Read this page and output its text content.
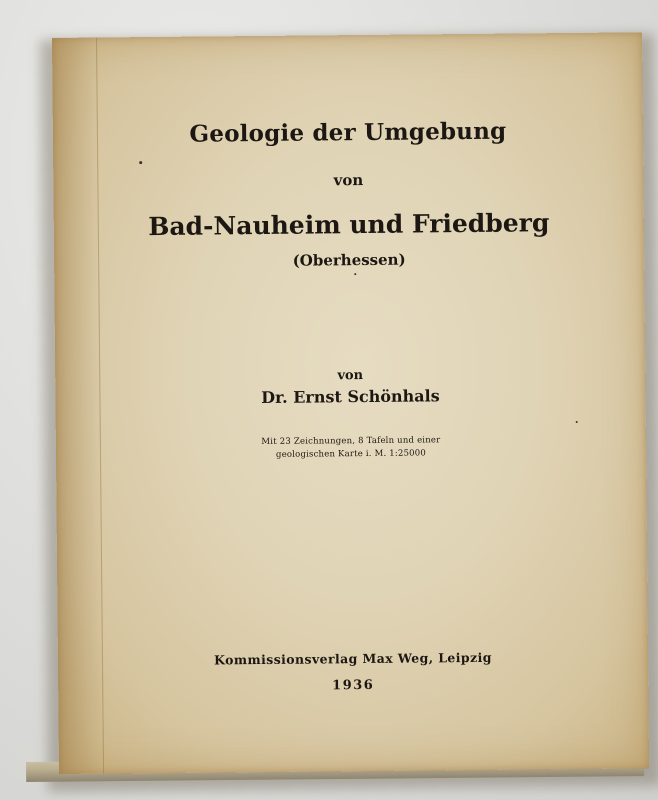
Geologie der Umgebung
von
Bad-Nauheim und Friedberg
(Oberhessen)
von
Dr. Ernst Schönhals
Mit 23 Zeichnungen, 8 Tafeln und einer
geologischen Karte i. M. 1:25000
Kommissionsverlag Max Weg, Leipzig
1936
